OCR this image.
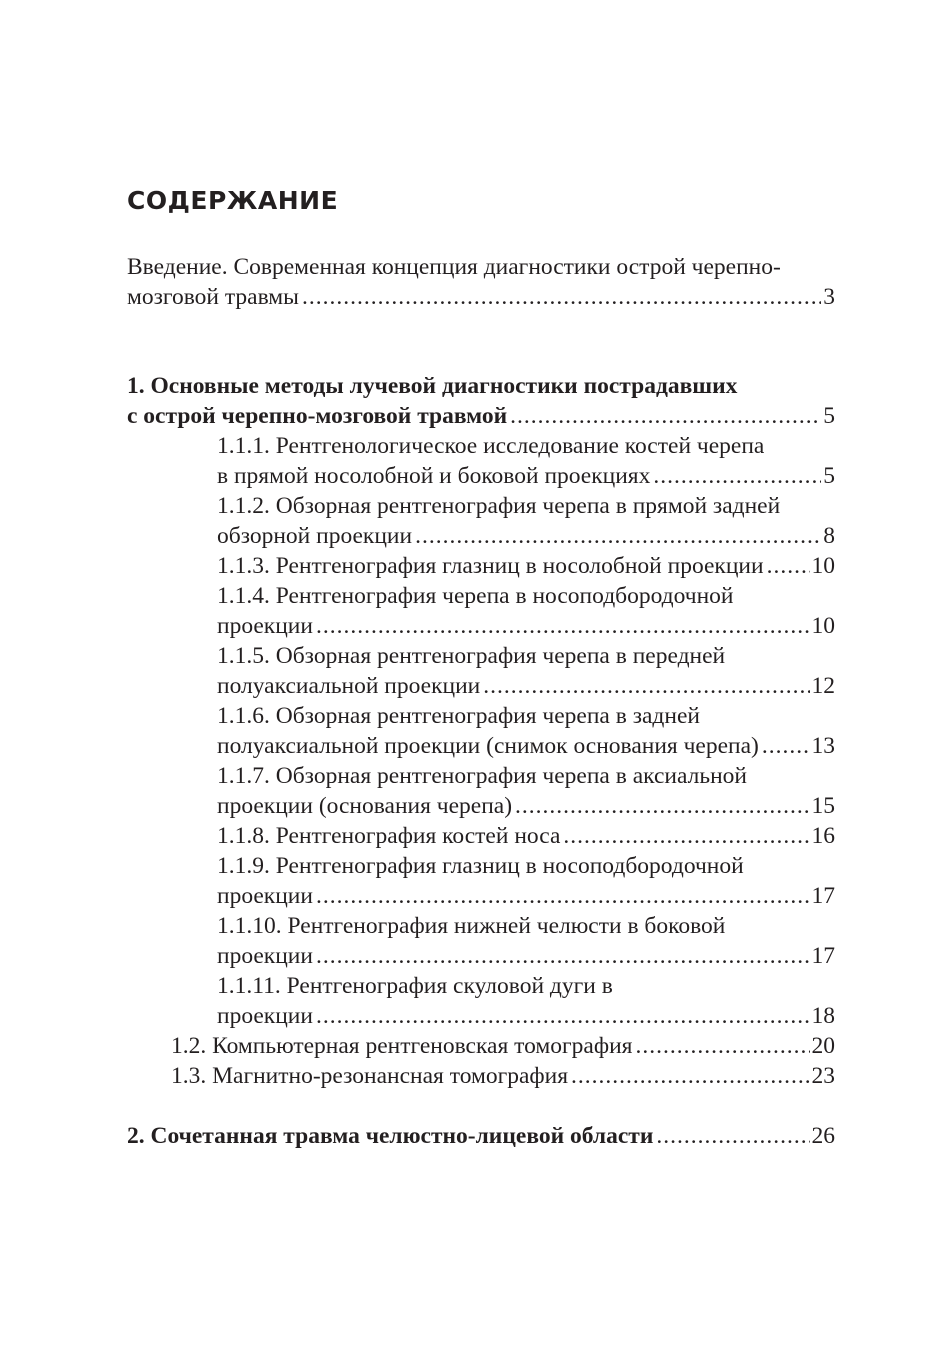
СОДЕРЖАНИЕ
Введение. Современная концепция диагностики острой черепно-
мозговой травмы .....	3
1. Основные методы лучевой диагностики пострадавших
с острой черепно-мозговой травмой .....	5
1.1.1. Рентгенологическое исследование костей черепа
в прямой носолобной и боковой проекциях .....	5
1.1.2. Обзорная рентгенография черепа в прямой задней
обзорной проекции .....	8
1.1.3. Рентгенография глазниц в носолобной проекции ..... 10
1.1.4. Рентгенография черепа в носоподбородочной
проекции .....	10
1.1.5. Обзорная рентгенография черепа в передней
полуаксиальной проекции .....	12
1.1.6. Обзорная рентгенография черепа в задней
полуаксиальной проекции (снимок основания черепа) ..... 13
1.1.7. Обзорная рентгенография черепа в аксиальной
проекции (основания черепа) .....	15
1.1.8. Рентгенография костей носа .....	16
1.1.9. Рентгенография глазниц в носоподбородочной
проекции .....	17
1.1.10. Рентгенография нижней челюсти в боковой
проекции .....	17
1.1.11. Рентгенография скуловой дуги в
проекции .....	18
1.2. Компьютерная рентгеновская томография .....	20
1.3. Магнитно-резонансная томография .....	23
2. Сочетанная травма челюстно-лицевой области .....	26
